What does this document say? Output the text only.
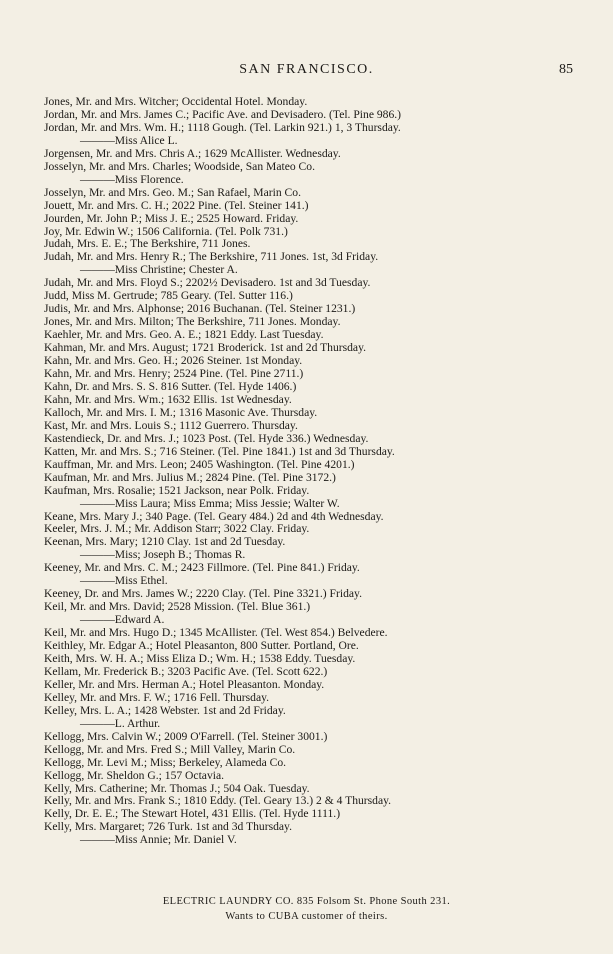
SAN FRANCISCO.	85
Jones, Mr. and Mrs. Witcher; Occidental Hotel. Monday.
Jordan, Mr. and Mrs. James C.; Pacific Ave. and Devisadero. (Tel. Pine 986.)
Jordan, Mr. and Mrs. Wm. H.; 1118 Gough. (Tel. Larkin 921.) 1, 3 Thursday.
———Miss Alice L.
Jorgensen, Mr. and Mrs. Chris A.; 1629 McAllister. Wednesday.
Josselyn, Mr. and Mrs. Charles; Woodside, San Mateo Co.
———Miss Florence.
Josselyn, Mr. and Mrs. Geo. M.; San Rafael, Marin Co.
Jouett, Mr. and Mrs. C. H.; 2022 Pine. (Tel. Steiner 141.)
Jourden, Mr. John P.; Miss J. E.; 2525 Howard. Friday.
Joy, Mr. Edwin W.; 1506 California. (Tel. Polk 731.)
Judah, Mrs. E. E.; The Berkshire, 711 Jones.
Judah, Mr. and Mrs. Henry R.; The Berkshire, 711 Jones. 1st, 3d Friday.
———Miss Christine; Chester A.
Judah, Mr. and Mrs. Floyd S.; 2202½ Devisadero. 1st and 3d Tuesday.
Judd, Miss M. Gertrude; 785 Geary. (Tel. Sutter 116.)
Judis, Mr. and Mrs. Alphonse; 2016 Buchanan. (Tel. Steiner 1231.)
Jones, Mr. and Mrs. Milton; The Berkshire, 711 Jones. Monday.
Kaehler, Mr. and Mrs. Geo. A. E.; 1821 Eddy. Last Tuesday.
Kahman, Mr. and Mrs. August; 1721 Broderick. 1st and 2d Thursday.
Kahn, Mr. and Mrs. Geo. H.; 2026 Steiner. 1st Monday.
Kahn, Mr. and Mrs. Henry; 2524 Pine. (Tel. Pine 2711.)
Kahn, Dr. and Mrs. S. S. 816 Sutter. (Tel. Hyde 1406.)
Kahn, Mr. and Mrs. Wm.; 1632 Ellis. 1st Wednesday.
Kalloch, Mr. and Mrs. I. M.; 1316 Masonic Ave. Thursday.
Kast, Mr. and Mrs. Louis S.; 1112 Guerrero. Thursday.
Kastendieck, Dr. and Mrs. J.; 1023 Post. (Tel. Hyde 336.) Wednesday.
Katten, Mr. and Mrs. S.; 716 Steiner. (Tel. Pine 1841.) 1st and 3d Thursday.
Kauffman, Mr. and Mrs. Leon; 2405 Washington. (Tel. Pine 4201.)
Kaufman, Mr. and Mrs. Julius M.; 2824 Pine. (Tel. Pine 3172.)
Kaufman, Mrs. Rosalie; 1521 Jackson, near Polk. Friday.
———Miss Laura; Miss Emma; Miss Jessie; Walter W.
Keane, Mrs. Mary J.; 340 Page. (Tel. Geary 484.) 2d and 4th Wednesday.
Keeler, Mrs. J. M.; Mr. Addison Starr; 3022 Clay. Friday.
Keenan, Mrs. Mary; 1210 Clay. 1st and 2d Tuesday.
———Miss; Joseph B.; Thomas R.
Keeney, Mr. and Mrs. C. M.; 2423 Fillmore. (Tel. Pine 841.) Friday.
———Miss Ethel.
Keeney, Dr. and Mrs. James W.; 2220 Clay. (Tel. Pine 3321.) Friday.
Keil, Mr. and Mrs. David; 2528 Mission. (Tel. Blue 361.)
———Edward A.
Keil, Mr. and Mrs. Hugo D.; 1345 McAllister. (Tel. West 854.) Belvedere.
Keithley, Mr. Edgar A.; Hotel Pleasanton, 800 Sutter. Portland, Ore.
Keith, Mrs. W. H. A.; Miss Eliza D.; Wm. H.; 1538 Eddy. Tuesday.
Kellam, Mr. Frederick B.; 3203 Pacific Ave. (Tel. Scott 622.)
Keller, Mr. and Mrs. Herman A.; Hotel Pleasanton. Monday.
Kelley, Mr. and Mrs. F. W.; 1716 Fell. Thursday.
Kelley, Mrs. L. A.; 1428 Webster. 1st and 2d Friday.
———L. Arthur.
Kellogg, Mrs. Calvin W.; 2009 O'Farrell. (Tel. Steiner 3001.)
Kellogg, Mr. and Mrs. Fred S.; Mill Valley, Marin Co.
Kellogg, Mr. Levi M.; Miss; Berkeley, Alameda Co.
Kellogg, Mr. Sheldon G.; 157 Octavia.
Kelly, Mrs. Catherine; Mr. Thomas J.; 504 Oak. Tuesday.
Kelly, Mr. and Mrs. Frank S.; 1810 Eddy. (Tel. Geary 13.) 2 & 4 Thursday.
Kelly, Dr. E. E.; The Stewart Hotel, 431 Ellis. (Tel. Hyde 1111.)
Kelly, Mrs. Margaret; 726 Turk. 1st and 3d Thursday.
———Miss Annie; Mr. Daniel V.
ELECTRIC LAUNDRY CO. 835 Folsom St. Phone South 231.
Wants to CUBA customer of theirs.
